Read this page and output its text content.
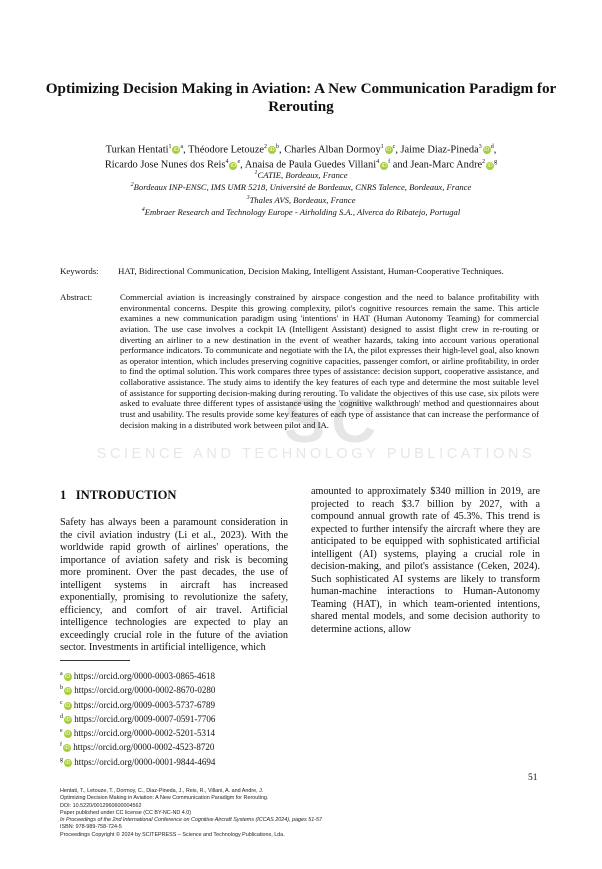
SC
SCIENCE AND TECHNOLOGY PUBLICATIONS
Optimizing Decision Making in Aviation: A New Communication Paradigm for Rerouting
Turkan $Hentati^1iD^a$, Théodore $Letouze^2iD^b$, Charles Alban $Dormoy^1iD^c$, Jaime Diaz-$Pineda^3iD^d$,
Ricardo Jose Nunes dos $Reis^4iD^e$, Anaisa de Paula Guedes $Villani^4iD^f$ and Jean-Marc $Andre^2iD^g$
$^1$CATIE, Bordeaux, France
$^2$Bordeaux INP-ENSC, IMS UMR 5218, Université de Bordeaux, CNRS Talence, Bordeaux, France
$^3$Thales AVS, Bordeaux, France
$^4$Embraer Research and Technology Europe - Airholding S.A., Alverca do Ribatejo, Portugal
Keywords: HAT, Bidirectional Communication, Decision Making, Intelligent Assistant, Human-Cooperative Techniques.
Abstract:	Commercial aviation is increasingly constrained by airspace congestion and the need to balance profitability with environmental concerns. Despite this growing complexity, pilot's cognitive resources remain the same. This article examines a new communication paradigm using 'intentions' in HAT (Human Autonomy Teaming) for commercial aviation. The use case involves a cockpit IA (Intelligent Assistant) designed to assist flight crew in re-routing or diverting an airliner to a new destination in the event of weather hazards, taking into account various operational performance indicators. To communicate and negotiate with the IA, the pilot expresses their high-level goal, also known as operator intention, which includes preserving cognitive capacities, passenger comfort, or airline profitability, in order to find the optimal solution. This work compares three types of assistance: decision support, cooperative assistance, and collaborative assistance. The study aims to identify the key features of each type and determine the most suitable level of assistance for supporting decision-making during rerouting. To validate the objectives of this use case, six pilots were asked to evaluate three different types of assistance using the 'cognitive walkthrough' method and questionnaires about trust and usability. The results provide some key features of each type of assistance that can increase the performance of decision making in a distributed work between pilot and IA.
1 INTRODUCTION
Safety has always been a paramount consideration in the civil aviation industry (Li et al., 2023). With the worldwide rapid growth of airlines' operations, the importance of aviation safety and risk is becoming more prominent. Over the past decades, the use of intelligent systems in aircraft has increased exponentially, promising to revolutionize the safety, efficiency, and comfort of air travel. Artificial intelligence technologies are expected to play an exceedingly crucial role in the future of the aviation sector. Investments in artificial intelligence, which
amounted to approximately $340 million in 2019, are projected to reach $3.7 billion by 2027, with a compound annual growth rate of 45.3%. This trend is expected to further intensify the aircraft where they are anticipated to be equipped with sophisticated artificial intelligent (AI) systems, playing a crucial role in decision-making, and pilot's assistance (Ceken, 2024). Such sophisticated AI systems are likely to transform human-machine interactions to Human-Autonomy Teaming (HAT), in which team-oriented intentions, shared mental models, and some decision authority to determine actions, allow
$^a$ iD https://orcid.org/0000-0003-0865-4618
$^b$ iD https://orcid.org/0000-0002-8670-0280
$^c$ iD https://orcid.org/0009-0003-5737-6789
$^d$ iD https://orcid.org/0009-0007-0591-7706
$^e$ iD https://orcid.org/0000-0002-5201-5314
$^f$ iD https://orcid.org/0000-0002-4523-8720
$^g$ iD https://orcid.org/0000-0001-9844-4694
51
Hentati, T., Letouze, T., Dormoy, C., Diaz-Pineda, J., Reis, R., Villani, A. and Andre, J.
Optimizing Decision Making in Aviation: A New Communication Paradigm for Rerouting.
DOI: 10.5220/0012960600004562
Paper published under CC license (CC BY-NC-ND 4.0)
In Proceedings of the 2nd International Conference on Cognitive Aircraft Systems (ICCAS 2024), pages 51-57
ISBN: 978-989-758-724-5
Proceedings Copyright © 2024 by SCITEPRESS – Science and Technology Publications, Lda.
